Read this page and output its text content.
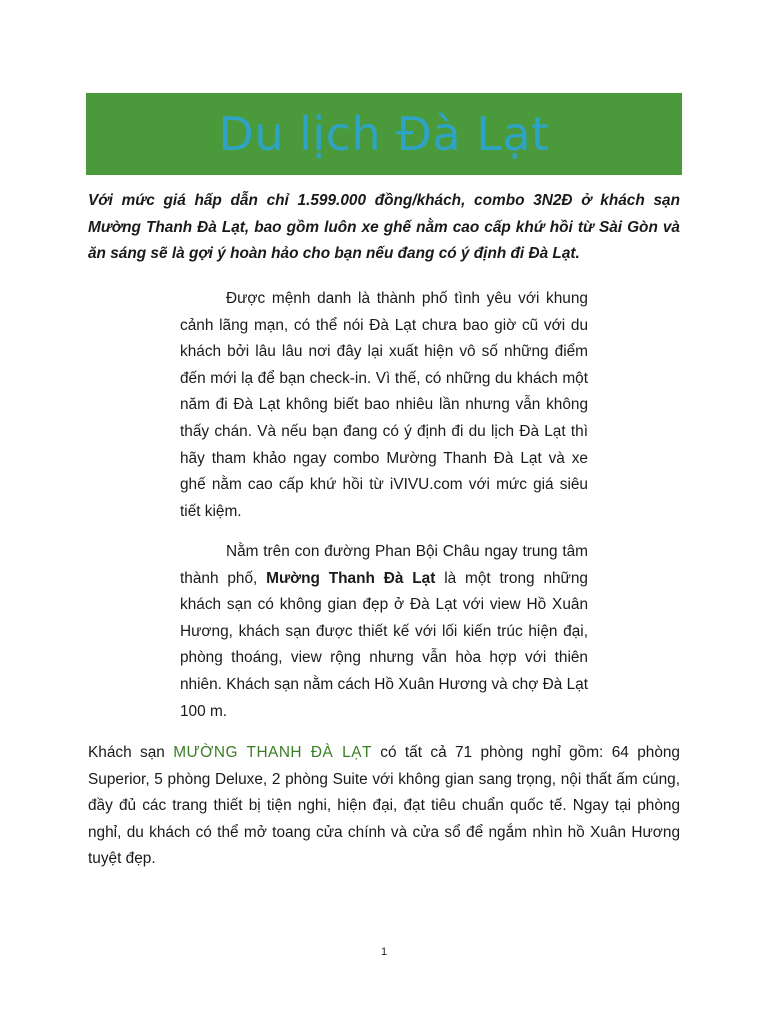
Du lịch Đà Lạt

Với mức giá hấp dẫn chỉ 1.599.000 đồng/khách, combo 3N2Đ ở khách sạn Mường Thanh Đà Lạt, bao gồm luôn xe ghế nằm cao cấp khứ hồi từ Sài Gòn và ăn sáng sẽ là gợi ý hoàn hảo cho bạn nếu đang có ý định đi Đà Lạt.

Được mệnh danh là thành phố tình yêu với khung cảnh lãng mạn, có thể nói Đà Lạt chưa bao giờ cũ với du khách bởi lâu lâu nơi đây lại xuất hiện vô số những điểm đến mới lạ để bạn check-in. Vì thế, có những du khách một năm đi Đà Lạt không biết bao nhiêu lần nhưng vẫn không thấy chán. Và nếu bạn đang có ý định đi du lịch Đà Lạt thì hãy tham khảo ngay combo Mường Thanh Đà Lạt và xe ghế nằm cao cấp khứ hồi từ iVIVU.com với mức giá siêu tiết kiệm.

Nằm trên con đường Phan Bội Châu ngay trung tâm thành phố, Mường Thanh Đà Lạt là một trong những khách sạn có không gian đẹp ở Đà Lạt với view Hồ Xuân Hương, khách sạn được thiết kế với lối kiến trúc hiện đại, phòng thoáng, view rộng nhưng vẫn hòa hợp với thiên nhiên. Khách sạn nằm cách Hồ Xuân Hương và chợ Đà Lạt 100 m.

Khách sạn MƯỜNG THANH ĐÀ LẠT có tất cả 71 phòng nghỉ gồm: 64 phòng Superior, 5 phòng Deluxe, 2 phòng Suite với không gian sang trọng, nội thất ấm cúng, đầy đủ các trang thiết bị tiện nghi, hiện đại, đạt tiêu chuẩn quốc tế. Ngay tại phòng nghỉ, du khách có thể mở toang cửa chính và cửa sổ để ngắm nhìn hồ Xuân Hương tuyệt đẹp.

1
